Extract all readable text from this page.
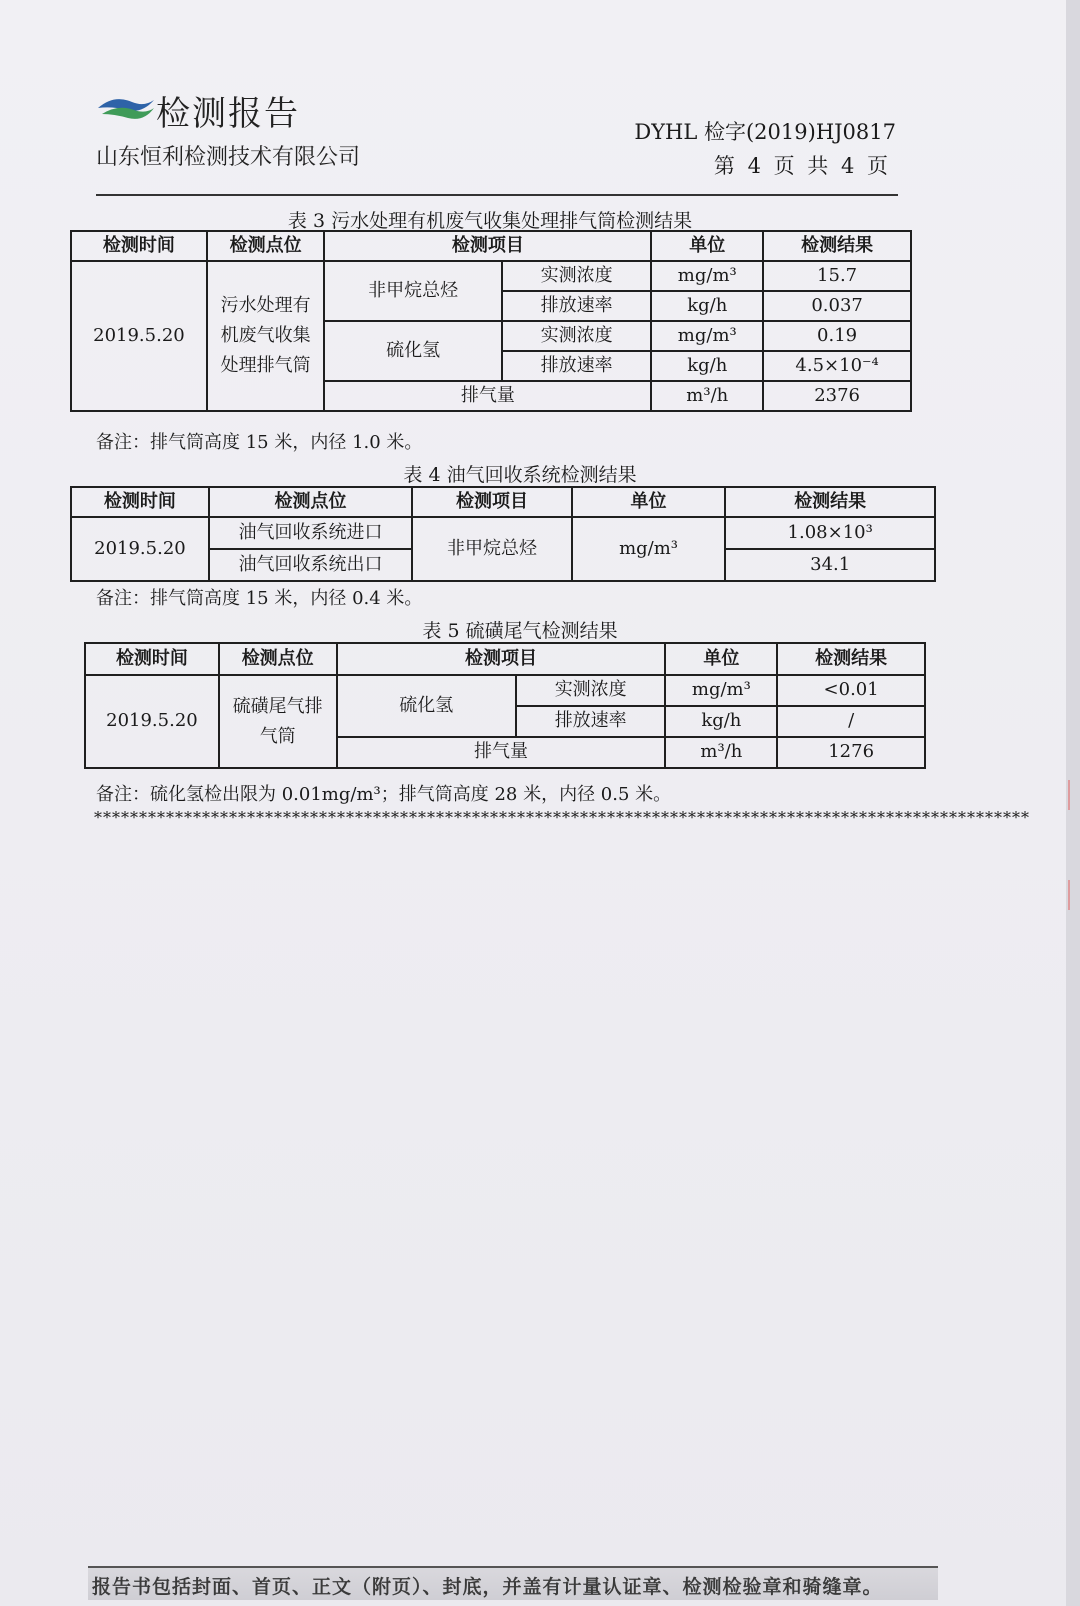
检测报告
山东恒利检测技术有限公司
DYHL 检字(2019)HJ0817
第 4 页 共 4 页
表 3 污水处理有机废气收集处理排气筒检测结果
检测时间	检测点位	检测项目		单位	检测结果
2019.5.20	污水处理有机废气收集处理排气筒	非甲烷总烃	实测浓度	mg/m³	15.7
			排放速率	kg/h	0.037
		硫化氢	实测浓度	mg/m³	0.19
			排放速率	kg/h	4.5×10⁻⁴
		排气量		m³/h	2376
备注：排气筒高度 15 米，内径 1.0 米。
表 4 油气回收系统检测结果
检测时间	检测点位	检测项目	单位	检测结果
2019.5.20	油气回收系统进口	非甲烷总烃	mg/m³	1.08×10³
	油气回收系统出口			34.1
备注：排气筒高度 15 米，内径 0.4 米。
表 5 硫磺尾气检测结果
检测时间	检测点位	检测项目		单位	检测结果
2019.5.20	硫磺尾气排气筒	硫化氢	实测浓度	mg/m³	<0.01
			排放速率	kg/h	/
		排气量		m³/h	1276
备注：硫化氢检出限为 0.01mg/m³；排气筒高度 28 米，内径 0.5 米。
********************************************************************************************************
报告书包括封面、首页、正文（附页）、封底，并盖有计量认证章、检测检验章和骑缝章。
